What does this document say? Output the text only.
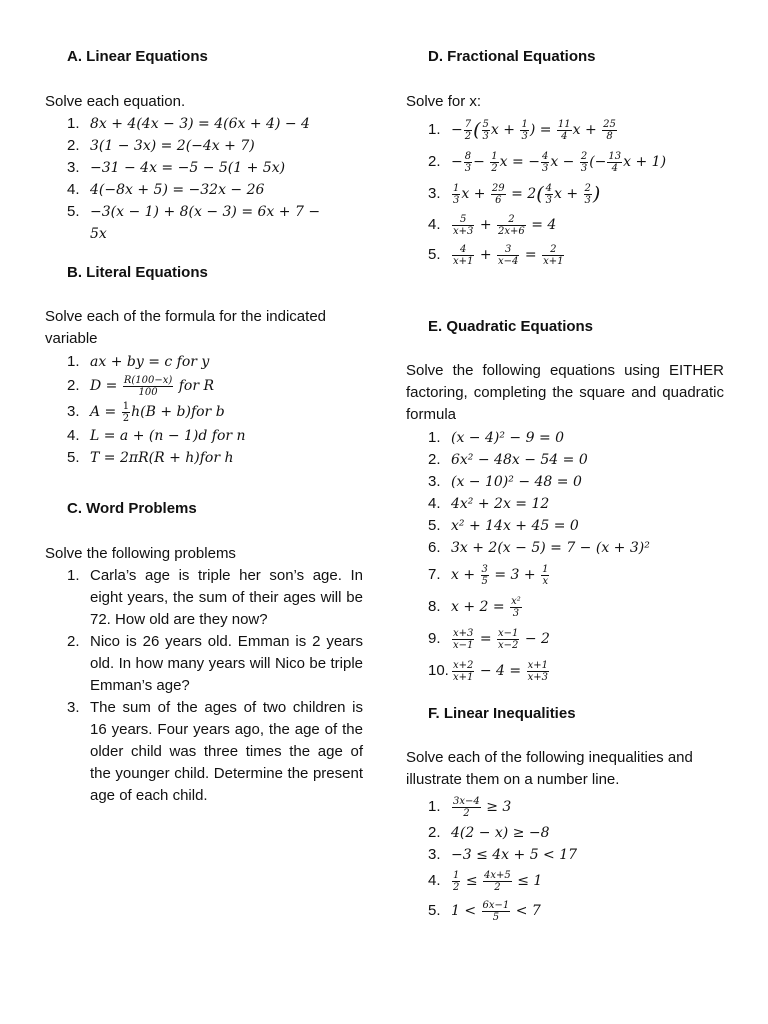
A. Linear Equations
Solve each equation.
1. 8x + 4(4x − 3) = 4(6x + 4) − 4
2. 3(1 − 3x) = 2(−4x + 7)
3. −31 − 4x = −5 − 5(1 + 5x)
4. 4(−8x + 5) = −32x − 26
5. −3(x − 1) + 8(x − 3) = 6x + 7 − 5x
B. Literal Equations
Solve each of the formula for the indicated variable
1. ax + by = c for y
2. $D = \frac{R(100-x)}{100}$ for R
3. $A = \frac{1}{2} h(B + b)for$ b
4. L = a + (n − 1)d for n
5. T = 2πR(R + h)for h
C. Word Problems
Solve the following problems
1. Carla’s age is triple her son’s age. In eight years, the sum of their ages will be 72. How old are they now?
2. Nico is 26 years old. Emman is 2 years old. In how many years will Nico be triple Emman’s age?
3. The sum of the ages of two children is 16 years. Four years ago, the age of the older child was three times the age of the younger child. Determine the present age of each child.
D. Fractional Equations
Solve for x:
1. − $\frac{7}{2}$ ( $\frac{5}{3}$ $x + \frac{1}{3}$ ) = $\frac{11}{4}$ $x + \frac{25}{8}$
2. − $\frac{8}{3} - \frac{1}{2}$ x = − $\frac{4}{3}$ $x - \frac{2}{3}$ (− $\frac{13}{4}$ x + 1)
3. $\frac{1}{3}$ $x + \frac{29}{6} = 2( \frac{4}{3}$ $x + \frac{2}{3}$ )
4. $\frac{5}{x+3} + \frac{2}{2x+6} = 4$
5. $\frac{4}{x+1} + \frac{3}{x-4} = \frac{2}{x+1}$
E. Quadratic Equations
Solve the following equations using EITHER factoring, completing the square and quadratic formula
1. (x − 4)² − 9 = 0
2. 6x² − 48x − 54 = 0
3. (x − 10)² − 48 = 0
4. 4x² + 2x = 12
5. x² + 14x + 45 = 0
6. 3x + 2(x − 5) = 7 − (x + 3)²
7. $x + \frac{3}{5} = 3 + \frac{1}{x}$
8. $x + 2 = \frac{\text{x²}}{3}$
9. $\frac{x+3}{x-1} = \frac{x-1}{x-2} - 2$
10. $\frac{x+2}{x+1} - 4 = \frac{x+1}{x+3}$
F. Linear Inequalities
Solve each of the following inequalities and illustrate them on a number line.
1. $\frac{3x-4}{2} \ge 3$
2. 4(2 − x) ≥ −8
3. −3 ≤ 4x + 5 < 17
4. $\frac{1}{2} \le \frac{4x+5}{2} \le 1$
5. $1 < \frac{6x-1}{5} < 7$
